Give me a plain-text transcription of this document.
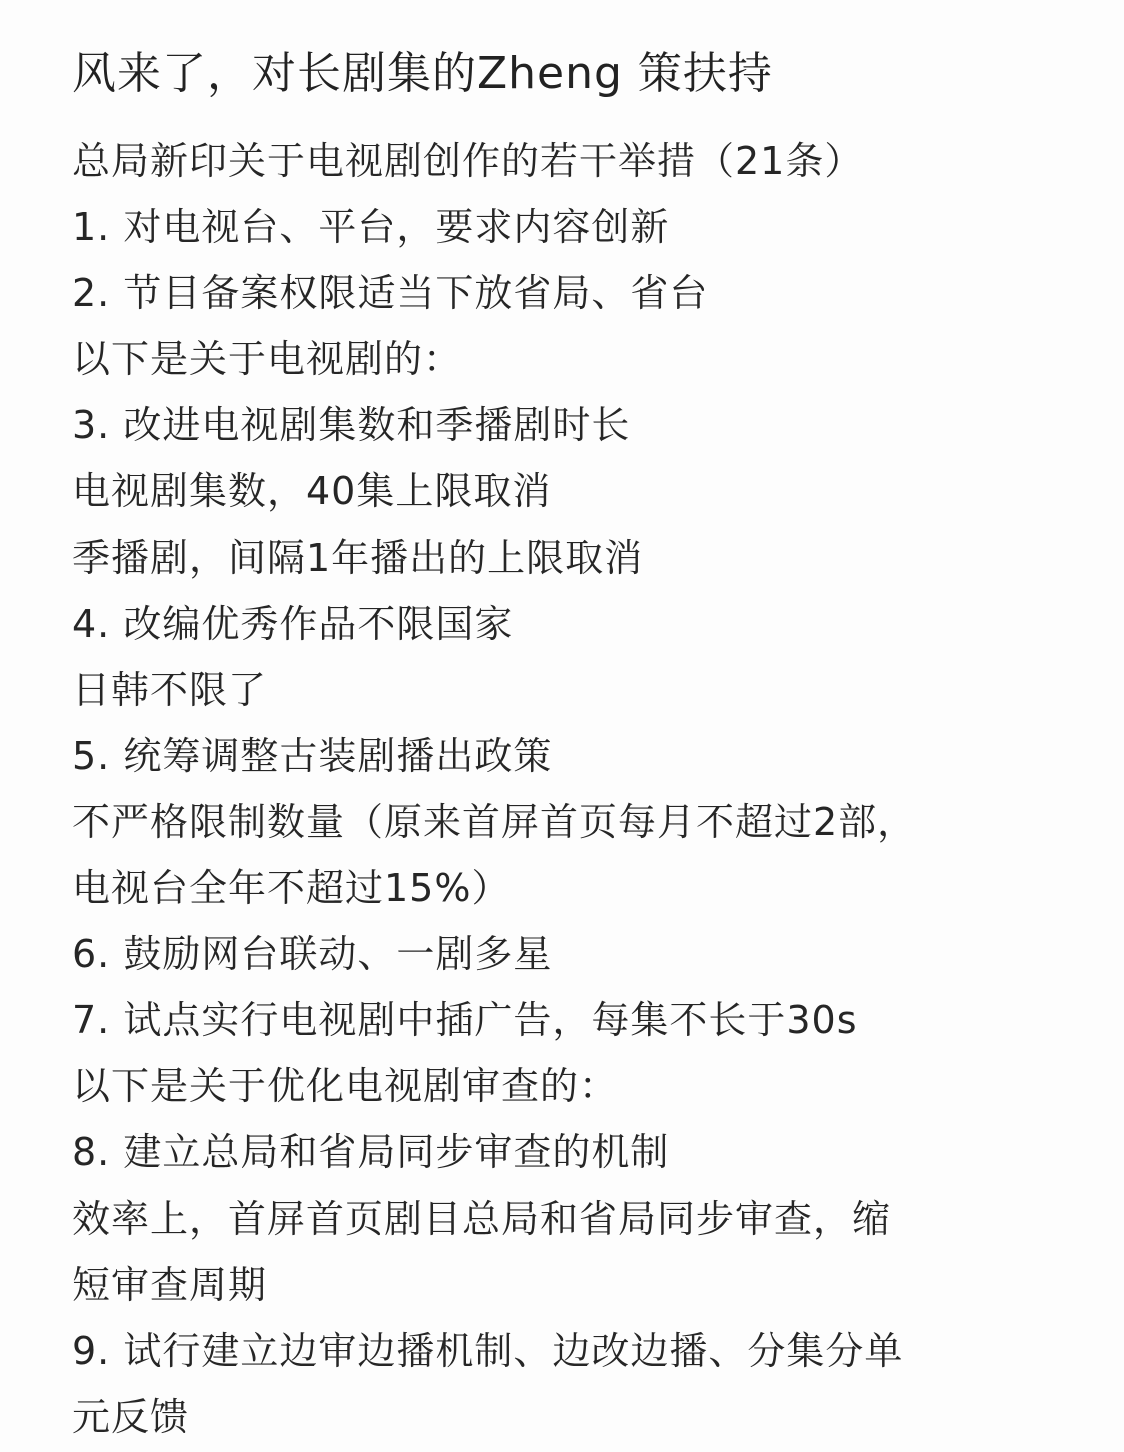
风来了，对长剧集的Zheng 策扶持
总局新印关于电视剧创作的若干举措（21条）
1. 对电视台、平台，要求内容创新
2. 节目备案权限适当下放省局、省台
以下是关于电视剧的：
3. 改进电视剧集数和季播剧时长
电视剧集数，40集上限取消
季播剧，间隔1年播出的上限取消
4. 改编优秀作品不限国家
日韩不限了
5. 统筹调整古装剧播出政策
不严格限制数量（原来首屏首页每月不超过2部，
电视台全年不超过15%）
6. 鼓励网台联动、一剧多星
7. 试点实行电视剧中插广告，每集不长于30s
以下是关于优化电视剧审查的：
8. 建立总局和省局同步审查的机制
效率上，首屏首页剧目总局和省局同步审查，缩
短审查周期
9. 试行建立边审边播机制、边改边播、分集分单
元反馈
